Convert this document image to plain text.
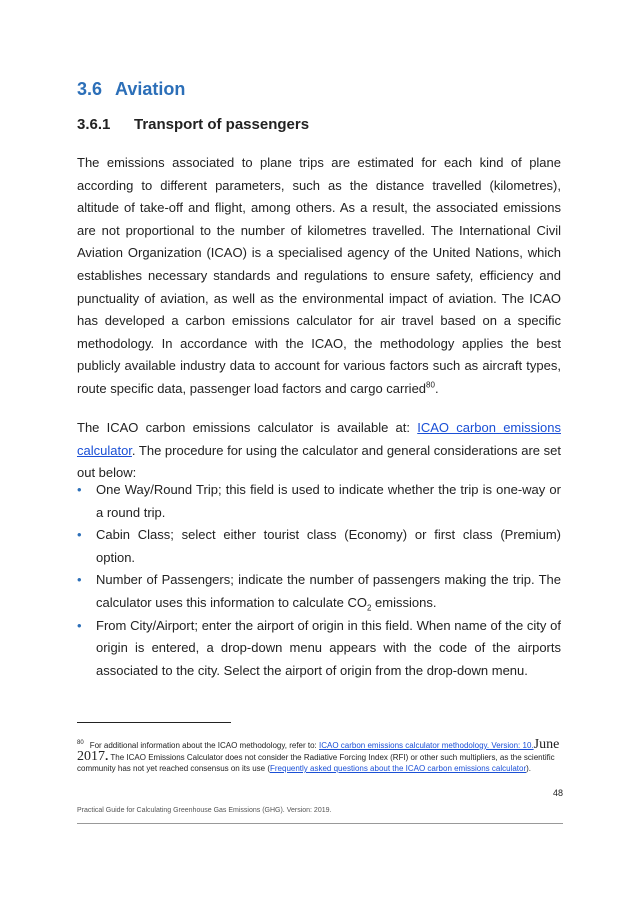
3.6 Aviation
3.6.1 Transport of passengers

The emissions associated to plane trips are estimated for each kind of plane according to different parameters, such as the distance travelled (kilometres), altitude of take-off and flight, among others. As a result, the associated emissions are not proportional to the number of kilometres travelled. The International Civil Aviation Organization (ICAO) is a specialised agency of the United Nations, which establishes necessary standards and regulations to ensure safety, efficiency and punctuality of aviation, as well as the environmental impact of aviation. The ICAO has developed a carbon emissions calculator for air travel based on a specific methodology. In accordance with the ICAO, the methodology applies the best publicly available industry data to account for various factors such as aircraft types, route specific data, passenger load factors and cargo carried$^{80}$.

The ICAO carbon emissions calculator is available at: ICAO carbon emissions calculator. The procedure for using the calculator and general considerations are set out below:

• One Way/Round Trip; this field is used to indicate whether the trip is one-way or a round trip.
• Cabin Class; select either tourist class (Economy) or first class (Premium) option.
• Number of Passengers; indicate the number of passengers making the trip. The calculator uses this information to calculate $CO_2$ emissions.
• From City/Airport; enter the airport of origin in this field. When name of the city of origin is entered, a drop-down menu appears with the code of the airports associated to the city. Select the airport of origin from the drop-down menu.

$^{80}$ For additional information about the ICAO methodology, refer to: ICAO carbon emissions calculator methodology. Version: 10.June 2017. The ICAO Emissions Calculator does not consider the Radiative Forcing Index (RFI) or other such multipliers, as the scientific community has not yet reached consensus on its use (Frequently asked questions about the ICAO carbon emissions calculator).

48
Practical Guide for Calculating Greenhouse Gas Emissions (GHG). Version: 2019.
